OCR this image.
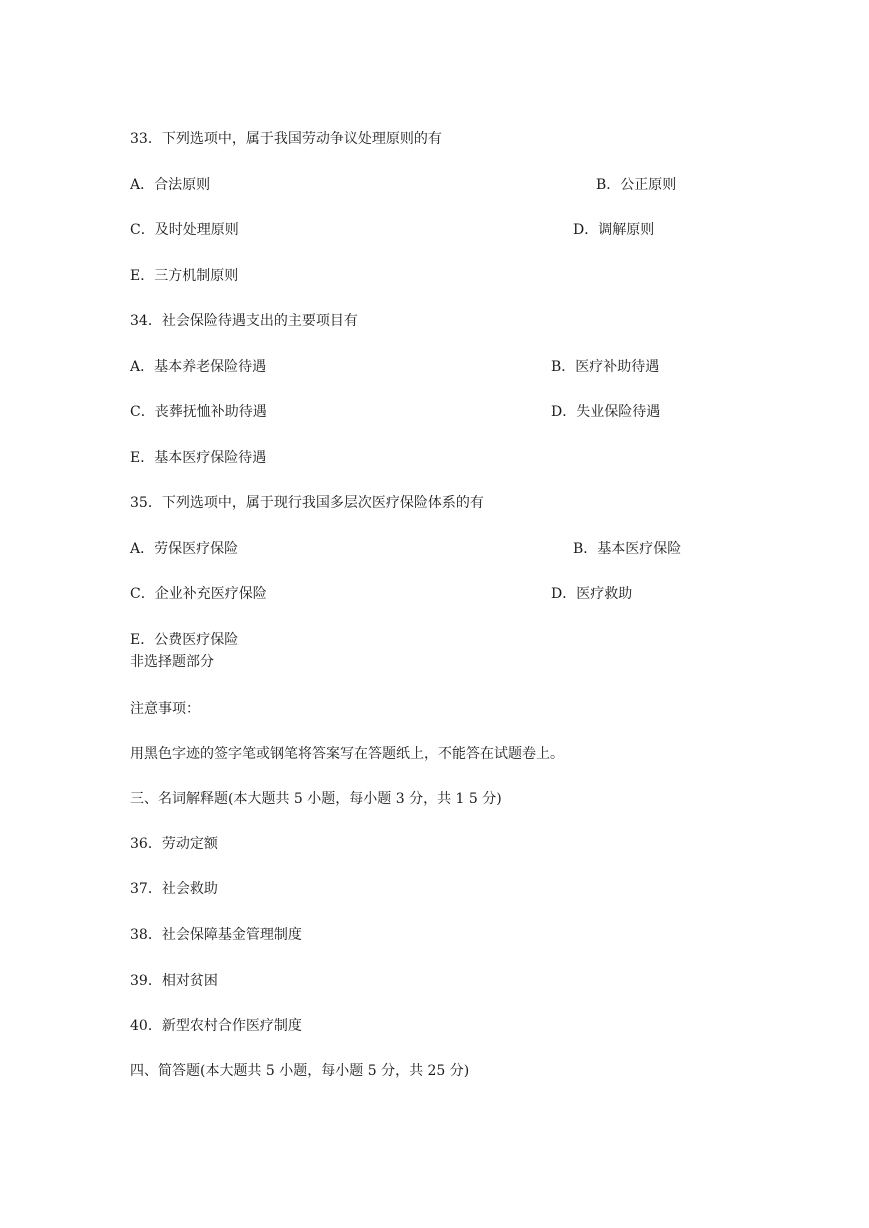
33．下列选项中，属于我国劳动争议处理原则的有
A．合法原则	B．公正原则
C．及时处理原则	D．调解原则
E．三方机制原则
34．社会保险待遇支出的主要项目有
A．基本养老保险待遇	B．医疗补助待遇
C．丧葬抚恤补助待遇	D．失业保险待遇
E．基本医疗保险待遇
35．下列选项中，属于现行我国多层次医疗保险体系的有
A．劳保医疗保险	B．基本医疗保险
C．企业补充医疗保险	D．医疗救助
E．公费医疗保险
非选择题部分
注意事项：
用黑色字迹的签字笔或钢笔将答案写在答题纸上，不能答在试题卷上。
三、名词解释题(本大题共 5 小题，每小题 3 分，共 1 5 分)
36．劳动定额
37．社会救助
38．社会保障基金管理制度
39．相对贫困
40．新型农村合作医疗制度
四、简答题(本大题共 5 小题，每小题 5 分，共 25 分)
